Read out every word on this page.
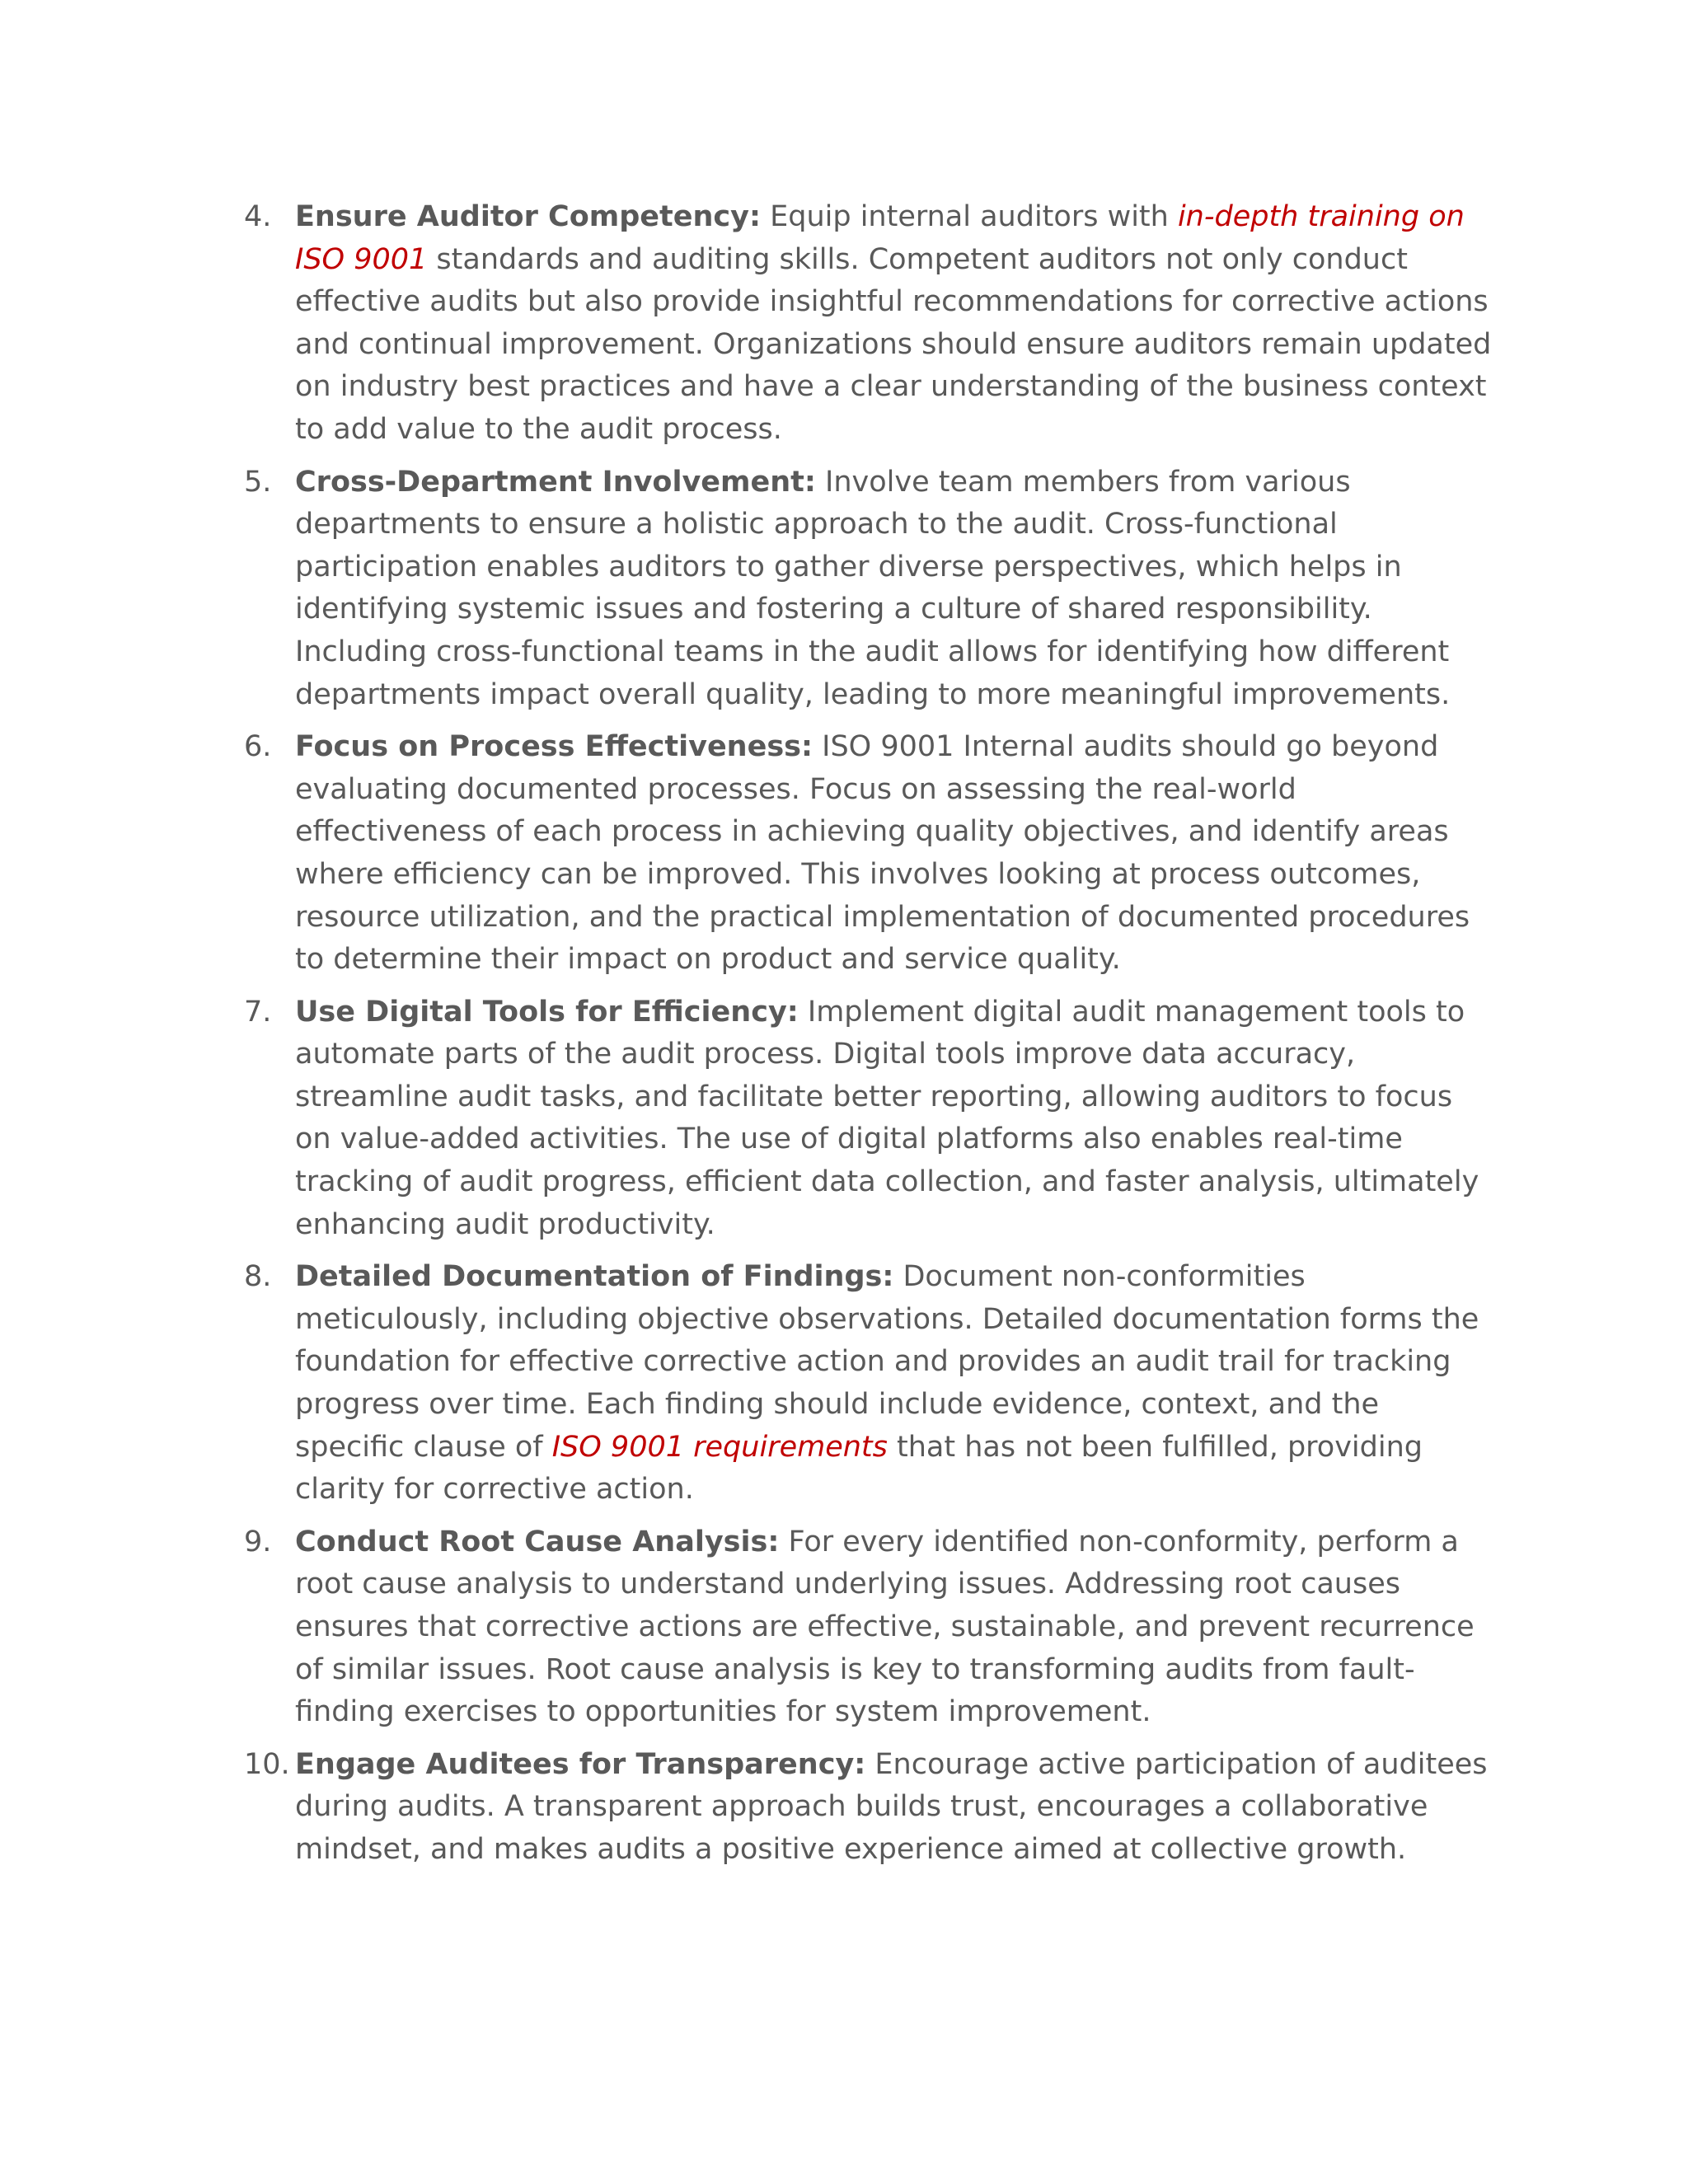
4. Ensure Auditor Competency: Equip internal auditors with in-depth training on ISO 9001 standards and auditing skills. Competent auditors not only conduct effective audits but also provide insightful recommendations for corrective actions and continual improvement. Organizations should ensure auditors remain updated on industry best practices and have a clear understanding of the business context to add value to the audit process.
5. Cross-Department Involvement: Involve team members from various departments to ensure a holistic approach to the audit. Cross-functional participation enables auditors to gather diverse perspectives, which helps in identifying systemic issues and fostering a culture of shared responsibility. Including cross-functional teams in the audit allows for identifying how different departments impact overall quality, leading to more meaningful improvements.
6. Focus on Process Effectiveness: ISO 9001 Internal audits should go beyond evaluating documented processes. Focus on assessing the real-world effectiveness of each process in achieving quality objectives, and identify areas where efficiency can be improved. This involves looking at process outcomes, resource utilization, and the practical implementation of documented procedures to determine their impact on product and service quality.
7. Use Digital Tools for Efficiency: Implement digital audit management tools to automate parts of the audit process. Digital tools improve data accuracy, streamline audit tasks, and facilitate better reporting, allowing auditors to focus on value-added activities. The use of digital platforms also enables real-time tracking of audit progress, efficient data collection, and faster analysis, ultimately enhancing audit productivity.
8. Detailed Documentation of Findings: Document non-conformities meticulously, including objective observations. Detailed documentation forms the foundation for effective corrective action and provides an audit trail for tracking progress over time. Each finding should include evidence, context, and the specific clause of ISO 9001 requirements that has not been fulfilled, providing clarity for corrective action.
9. Conduct Root Cause Analysis: For every identified non-conformity, perform a root cause analysis to understand underlying issues. Addressing root causes ensures that corrective actions are effective, sustainable, and prevent recurrence of similar issues. Root cause analysis is key to transforming audits from fault-finding exercises to opportunities for system improvement.
10. Engage Auditees for Transparency: Encourage active participation of auditees during audits. A transparent approach builds trust, encourages a collaborative mindset, and makes audits a positive experience aimed at collective growth.
